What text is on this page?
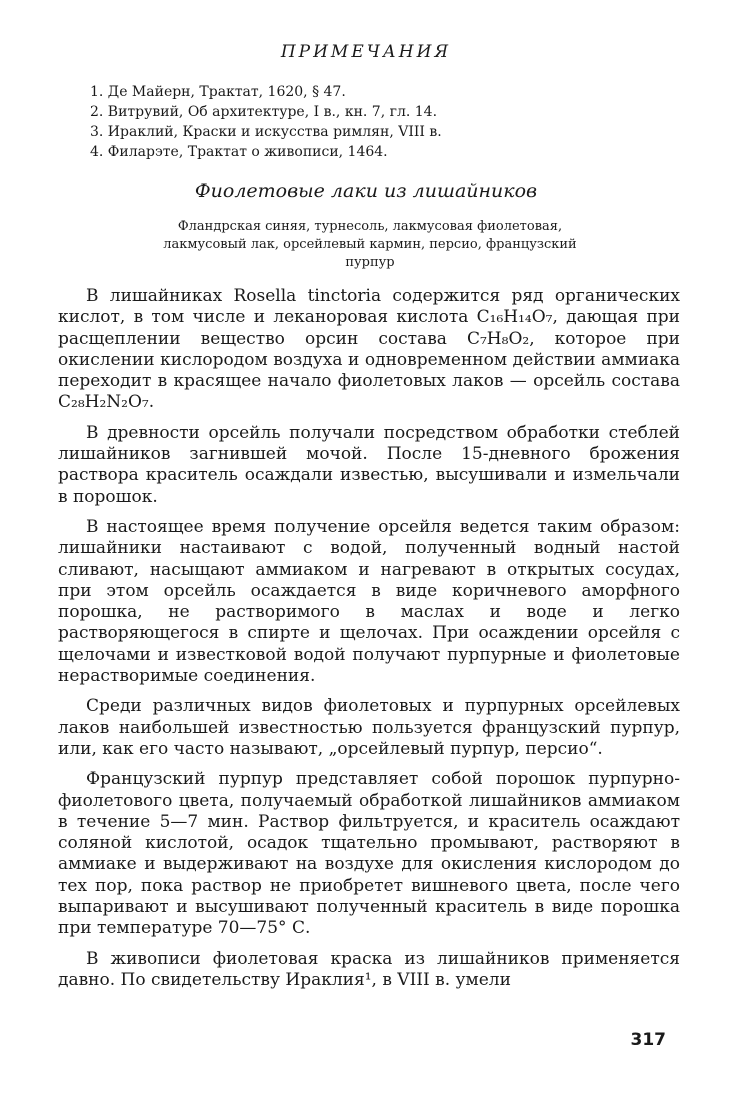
ПРИМЕЧАНИЯ
1. Де Майерн, Трактат, 1620, § 47.
2. Витрувий, Об архитектуре, I в., кн. 7, гл. 14.
3. Ираклий, Краски и искусства римлян, VIII в.
4. Филарэте, Трактат о живописи, 1464.
Фиолетовые лаки из лишайников
Фландрская синяя, турнесоль, лакмусовая фиолетовая, лакмусовый лак, орсейлевый кармин, персио, французский пурпур

В лишайниках Rosella tinctoria содержится ряд органических кислот, в том числе и леканоровая кислота C₁₆H₁₄O₇, дающая при расщеплении вещество орсин состава C₇H₈O₂, которое при окислении кислородом воздуха и одновременном действии аммиака переходит в красящее начало фиолетовых лаков — орсейль состава C₂₈H₂N₂O₇.

В древности орсейль получали посредством обработки стеблей лишайников загнившей мочой. После 15-дневного брожения раствора краситель осаждали известью, высушивали и измельчали в порошок.

В настоящее время получение орсейля ведется таким образом: лишайники настаивают с водой, полученный водный настой сливают, насыщают аммиаком и нагревают в открытых сосудах, при этом орсейль осаждается в виде коричневого аморфного порошка, не растворимого в маслах и воде и легко растворяющегося в спирте и щелочах. При осаждении орсейля с щелочами и известковой водой получают пурпурные и фиолетовые нерастворимые соединения.

Среди различных видов фиолетовых и пурпурных орсейлевых лаков наибольшей известностью пользуется французский пурпур, или, как его часто называют, „орсейлевый пурпур, персио“.

Французский пурпур представляет собой порошок пурпурно-фиолетового цвета, получаемый обработкой лишайников аммиаком в течение 5—7 мин. Раствор фильтруется, и краситель осаждают соляной кислотой, осадок тщательно промывают, растворяют в аммиаке и выдерживают на воздухе для окисления кислородом до тех пор, пока раствор не приобретет вишневого цвета, после чего выпаривают и высушивают полученный краситель в виде порошка при температуре 70—75° С.

В живописи фиолетовая краска из лишайников применяется давно. По свидетельству Ираклия¹, в VIII в. умели

317
